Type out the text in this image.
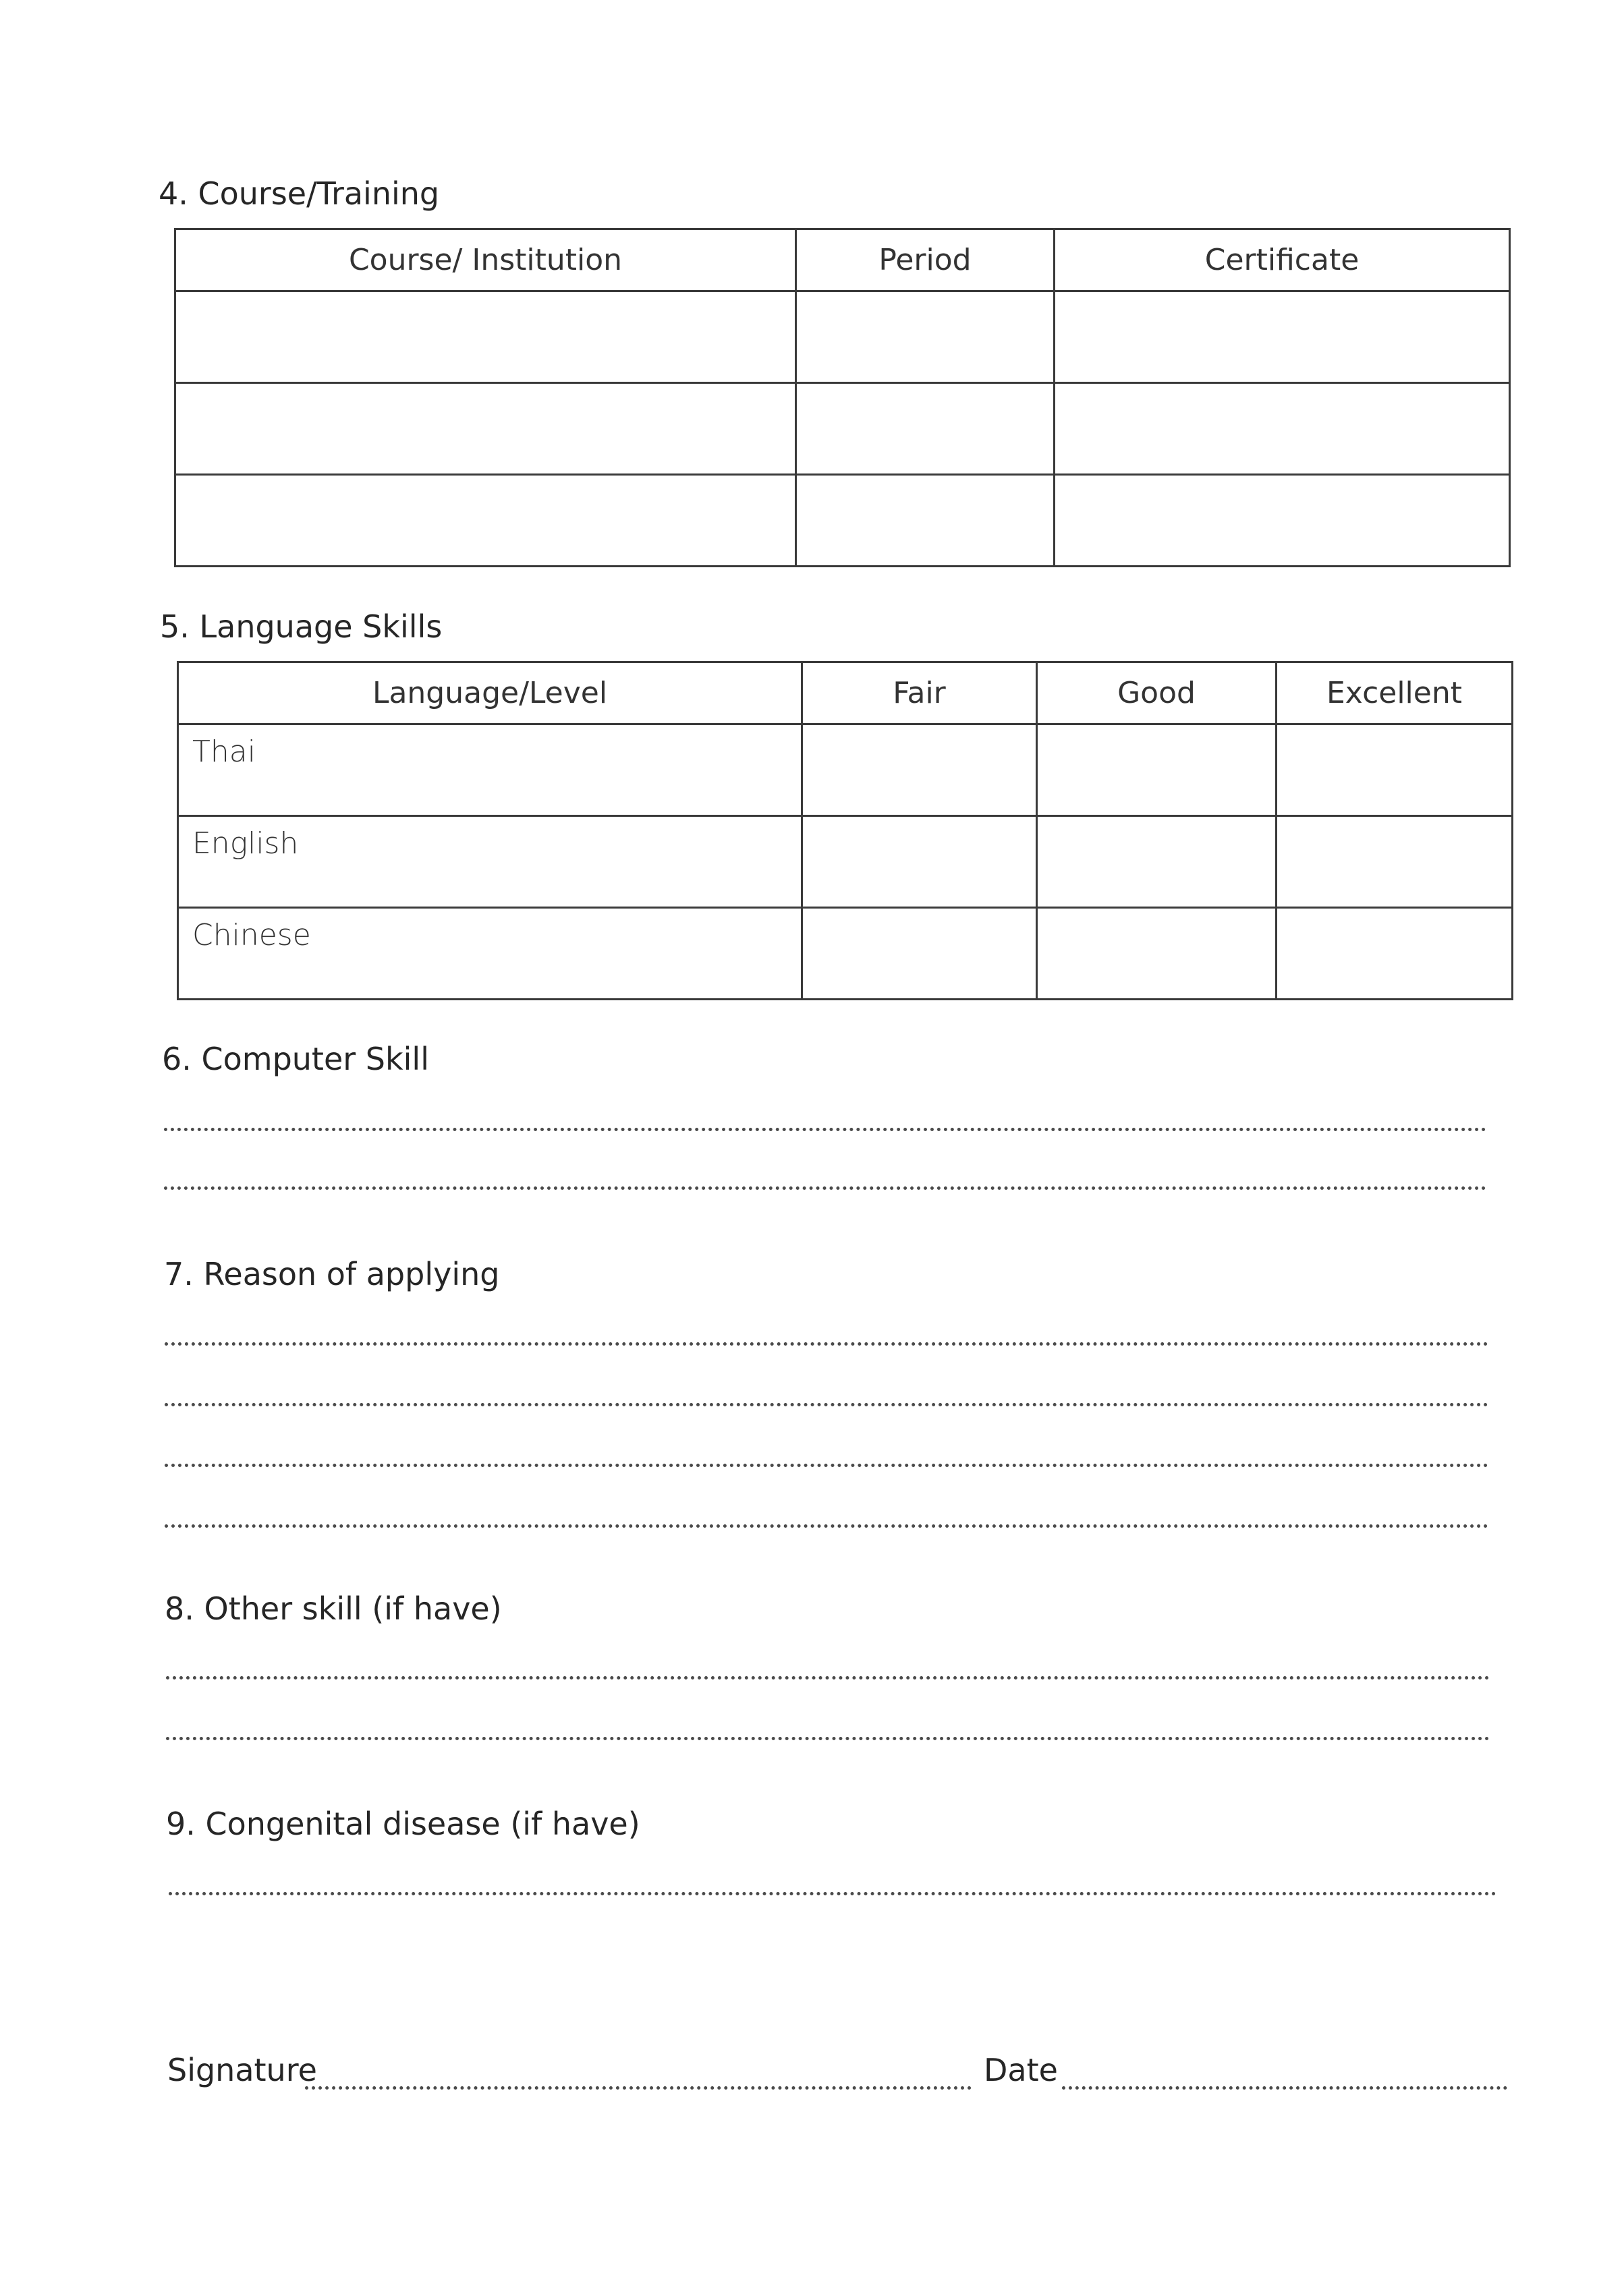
4. Course/Training
Course/ Institution	Period	Certificate

5. Language Skills
Language/Level	Fair	Good	Excellent
Thai			
English			
Chinese			
6. Computer Skill
7. Reason of applying
8. Other skill (if have)
9. Congenital disease (if have)
Signature	Date
